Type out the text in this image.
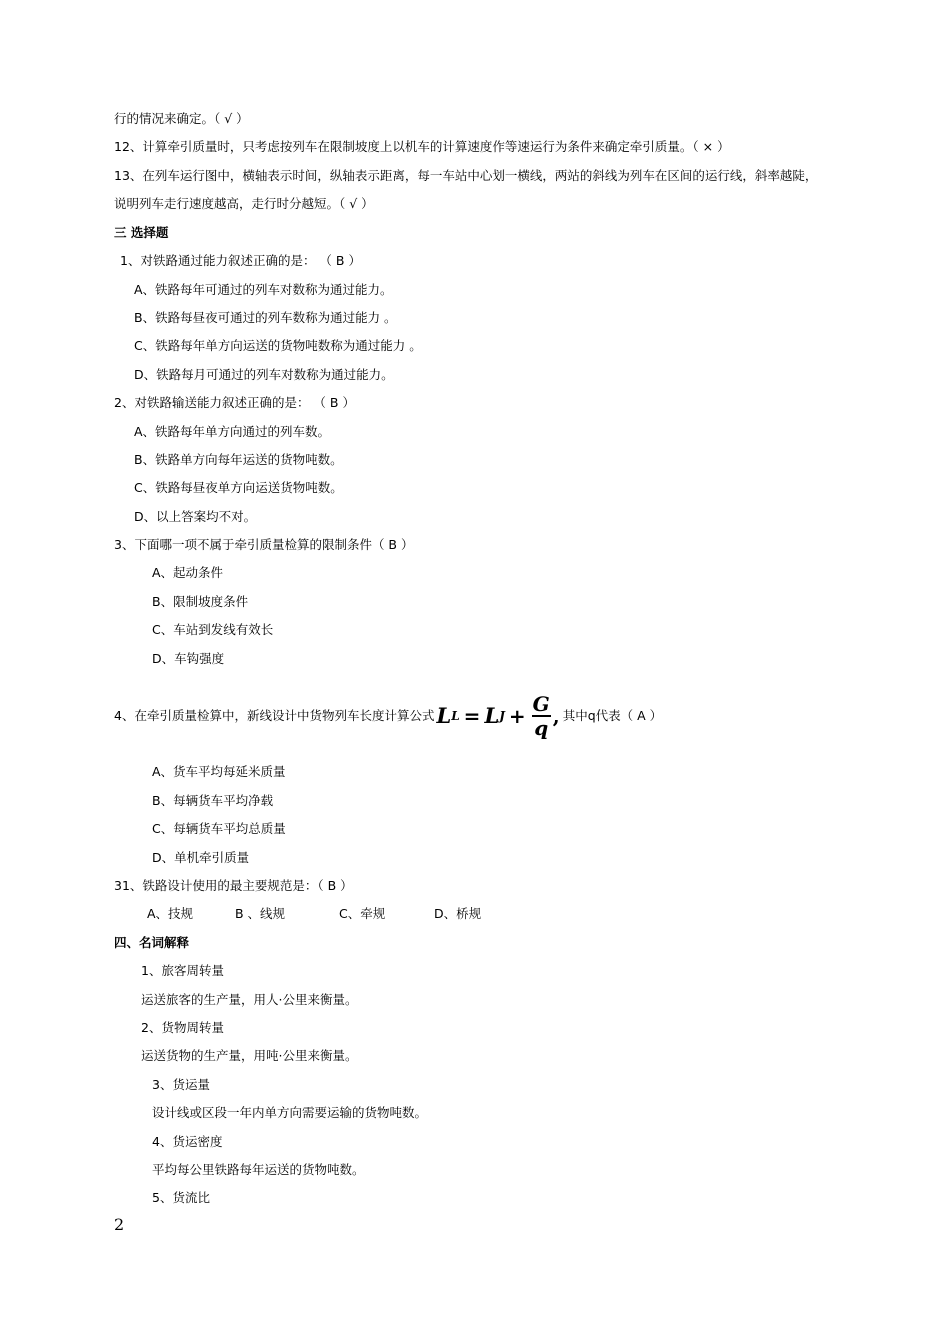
行的情况来确定。（ √ ）
12、计算牵引质量时，只考虑按列车在限制坡度上以机车的计算速度作等速运行为条件来确定牵引质量。（ × ）
13、在列车运行图中，横轴表示时间，纵轴表示距离，每一车站中心划一横线，两站的斜线为列车在区间的运行线，斜率越陡，
说明列车走行速度越高，走行时分越短。（ √ ）
三 选择题
1、对铁路通过能力叙述正确的是： （ B ）
A、铁路每年可通过的列车对数称为通过能力。
B、铁路每昼夜可通过的列车数称为通过能力 。
C、铁路每年单方向运送的货物吨数称为通过能力 。
D、铁路每月可通过的列车对数称为通过能力。
2、对铁路输送能力叙述正确的是： （ B ）
A、铁路每年单方向通过的列车数。
B、铁路单方向每年运送的货物吨数。
C、铁路每昼夜单方向运送货物吨数。
D、以上答案均不对。
3、下面哪一项不属于牵引质量检算的限制条件（ B ）
A、起动条件
B、限制坡度条件
C、车站到发线有效长
D、车钩强度
4、在牵引质量检算中，新线设计中货物列车长度计算公式 L L = L $J + \frac{G}{q}$ , 其中q代表（ A ）
A、货车平均每延米质量
B、每辆货车平均净载
C、每辆货车平均总质量
D、单机牵引质量
31、铁路设计使用的最主要规范是：（ B ）
A、技规	B 、线规	C、牵规	D、桥规
四、名词解释
1、旅客周转量
运送旅客的生产量，用人·公里来衡量。
2、货物周转量
运送货物的生产量，用吨·公里来衡量。
3、货运量
设计线或区段一年内单方向需要运输的货物吨数。
4、货运密度
平均每公里铁路每年运送的货物吨数。
5、货流比
2
